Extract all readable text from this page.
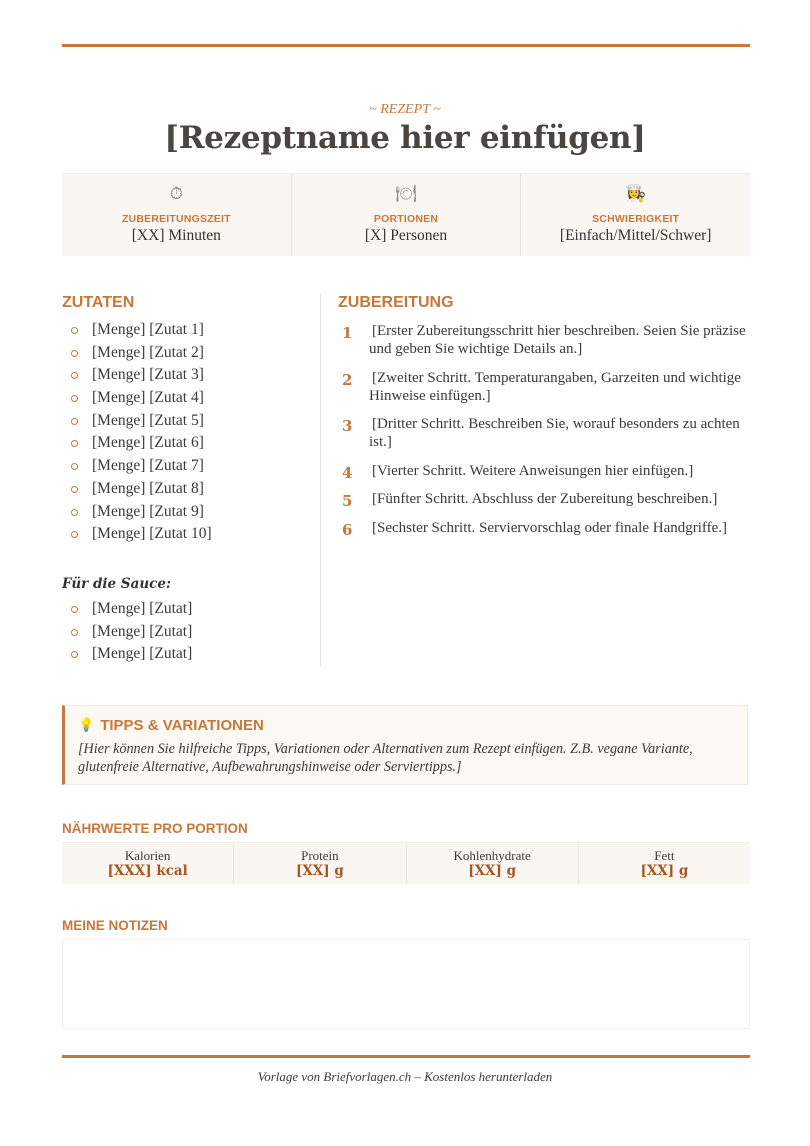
~ REZEPT ~
[Rezeptname hier einfügen]
⏱
ZUBEREITUNGSZEIT
[XX] Minuten
🍽
PORTIONEN
[X] Personen
👩‍🍳
SCHWIERIGKEIT
[Einfach/Mittel/Schwer]
ZUTATEN
[Menge] [Zutat 1]
[Menge] [Zutat 2]
[Menge] [Zutat 3]
[Menge] [Zutat 4]
[Menge] [Zutat 5]
[Menge] [Zutat 6]
[Menge] [Zutat 7]
[Menge] [Zutat 8]
[Menge] [Zutat 9]
[Menge] [Zutat 10]
Für die Sauce:
[Menge] [Zutat]
[Menge] [Zutat]
[Menge] [Zutat]
ZUBEREITUNG
1 [Erster Zubereitungsschritt hier beschreiben. Seien Sie präzise und geben Sie wichtige Details an.]
2 [Zweiter Schritt. Temperaturangaben, Garzeiten und wichtige Hinweise einfügen.]
3 [Dritter Schritt. Beschreiben Sie, worauf besonders zu achten ist.]
4 [Vierter Schritt. Weitere Anweisungen hier einfügen.]
5 [Fünfter Schritt. Abschluss der Zubereitung beschreiben.]
6 [Sechster Schritt. Serviervorschlag oder finale Handgriffe.]
💡 TIPPS & VARIATIONEN
[Hier können Sie hilfreiche Tipps, Variationen oder Alternativen zum Rezept einfügen. Z.B. vegane Variante, glutenfreie Alternative, Aufbewahrungshinweise oder Serviertipps.]
NÄHRWERTE PRO PORTION
Kalorien
[XXX] kcal
Protein
[XX] g
Kohlenhydrate
[XX] g
Fett
[XX] g
MEINE NOTIZEN
Vorlage von Briefvorlagen.ch – Kostenlos herunterladen
